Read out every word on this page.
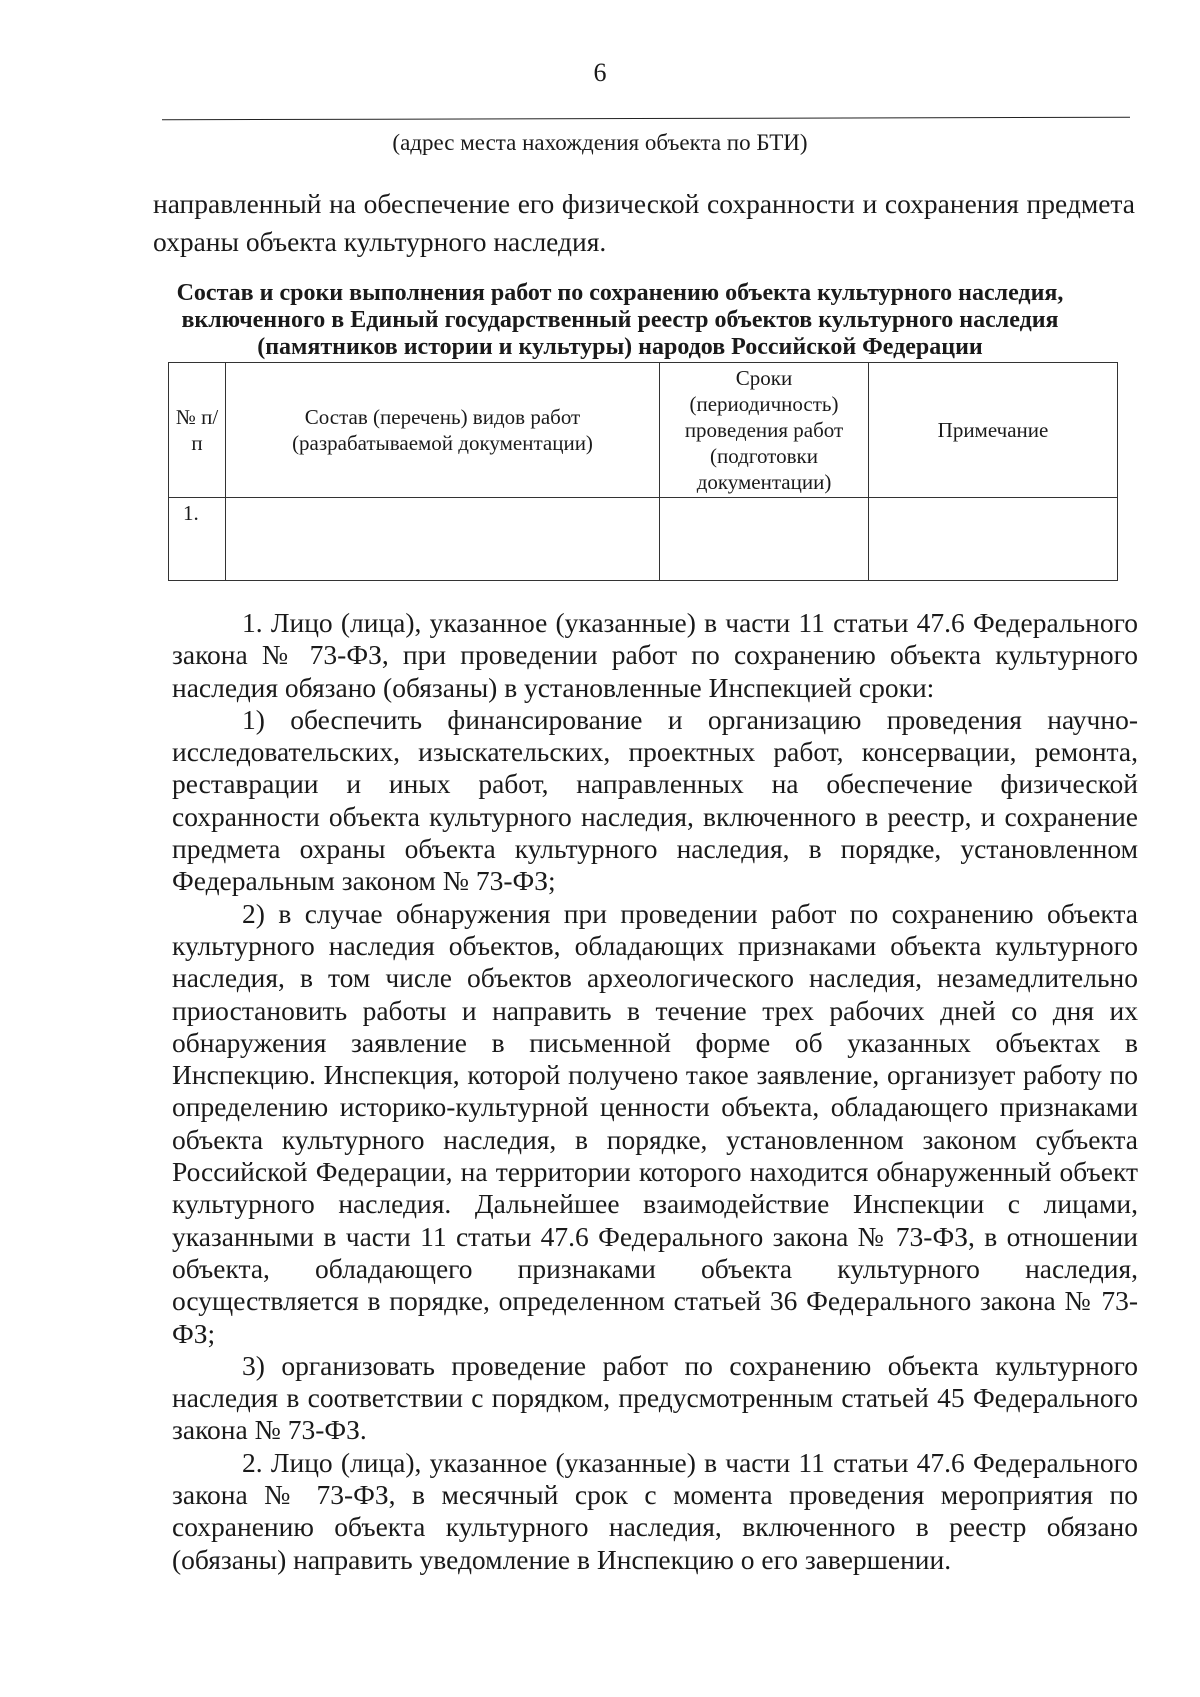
6
(адрес места нахождения объекта по БТИ)
направленный на обеспечение его физической сохранности и сохранения предмета охраны объекта культурного наследия.
Состав и сроки выполнения работ по сохранению объекта культурного наследия,
включенного в Единый государственный реестр объектов культурного наследия
(памятников истории и культуры) народов Российской Федерации
№ п/п	Состав (перечень) видов работ (разрабатываемой документации)	Сроки (периодичность) проведения работ (подготовки документации)	Примечание
1.			

1. Лицо (лица), указанное (указанные) в части 11 статьи 47.6 Федерального закона № 73-ФЗ, при проведении работ по сохранению объекта культурного наследия обязано (обязаны) в установленные Инспекцией сроки:

1) обеспечить финансирование и организацию проведения научно-исследовательских, изыскательских, проектных работ, консервации, ремонта, реставрации и иных работ, направленных на обеспечение физической сохранности объекта культурного наследия, включенного в реестр, и сохранение предмета охраны объекта культурного наследия, в порядке, установленном Федеральным законом № 73-ФЗ;

2) в случае обнаружения при проведении работ по сохранению объекта культурного наследия объектов, обладающих признаками объекта культурного наследия, в том числе объектов археологического наследия, незамедлительно приостановить работы и направить в течение трех рабочих дней со дня их обнаружения заявление в письменной форме об указанных объектах в Инспекцию. Инспекция, которой получено такое заявление, организует работу по определению историко-культурной ценности объекта, обладающего признаками объекта культурного наследия, в порядке, установленном законом субъекта Российской Федерации, на территории которого находится обнаруженный объект культурного наследия. Дальнейшее взаимодействие Инспекции с лицами, указанными в части 11 статьи 47.6 Федерального закона № 73-ФЗ, в отношении объекта, обладающего признаками объекта культурного наследия, осуществляется в порядке, определенном статьей 36 Федерального закона № 73-ФЗ;

3) организовать проведение работ по сохранению объекта культурного наследия в соответствии с порядком, предусмотренным статьей 45 Федерального закона № 73-ФЗ.

2. Лицо (лица), указанное (указанные) в части 11 статьи 47.6 Федерального закона № 73-ФЗ, в месячный срок с момента проведения мероприятия по сохранению объекта культурного наследия, включенного в реестр обязано (обязаны) направить уведомление в Инспекцию о его завершении.
